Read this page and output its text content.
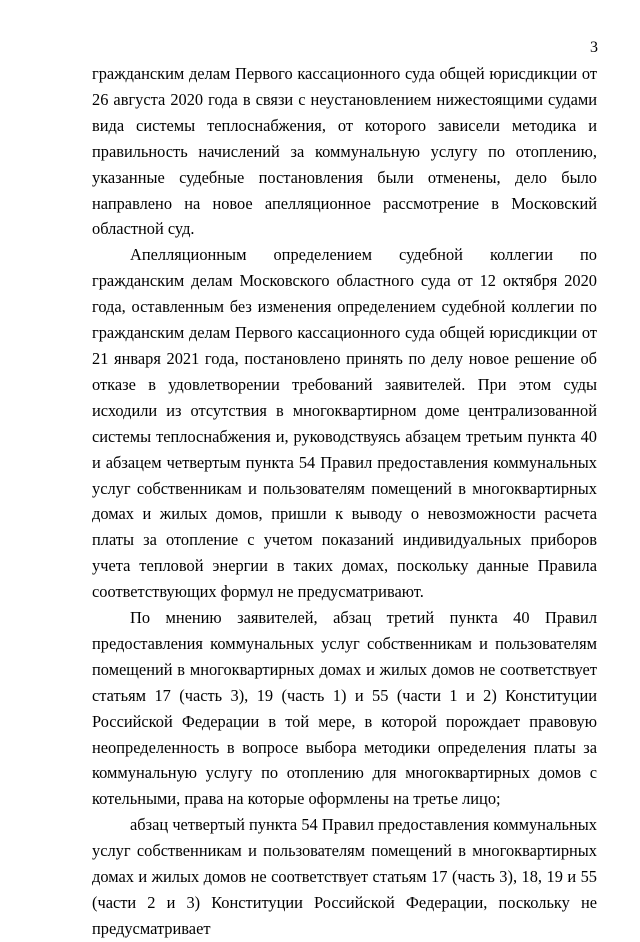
3

гражданским делам Первого кассационного суда общей юрисдикции от 26 августа 2020 года в связи с неустановлением нижестоящими судами вида системы теплоснабжения, от которого зависели методика и правильность начислений за коммунальную услугу по отоплению, указанные судебные постановления были отменены, дело было направлено на новое апелляционное рассмотрение в Московский областной суд.

Апелляционным определением судебной коллегии по гражданским делам Московского областного суда от 12 октября 2020 года, оставленным без изменения определением судебной коллегии по гражданским делам Первого кассационного суда общей юрисдикции от 21 января 2021 года, постановлено принять по делу новое решение об отказе в удовлетворении требований заявителей. При этом суды исходили из отсутствия в многоквартирном доме централизованной системы теплоснабжения и, руководствуясь абзацем третьим пункта 40 и абзацем четвертым пункта 54 Правил предоставления коммунальных услуг собственникам и пользователям помещений в многоквартирных домах и жилых домов, пришли к выводу о невозможности расчета платы за отопление с учетом показаний индивидуальных приборов учета тепловой энергии в таких домах, поскольку данные Правила соответствующих формул не предусматривают.

По мнению заявителей, абзац третий пункта 40 Правил предоставления коммунальных услуг собственникам и пользователям помещений в многоквартирных домах и жилых домов не соответствует статьям 17 (часть 3), 19 (часть 1) и 55 (части 1 и 2) Конституции Российской Федерации в той мере, в которой порождает правовую неопределенность в вопросе выбора методики определения платы за коммунальную услугу по отоплению для многоквартирных домов с котельными, права на которые оформлены на третье лицо;

абзац четвертый пункта 54 Правил предоставления коммунальных услуг собственникам и пользователям помещений в многоквартирных домах и жилых домов не соответствует статьям 17 (часть 3), 18, 19 и 55 (части 2 и 3) Конституции Российской Федерации, поскольку не предусматривает
